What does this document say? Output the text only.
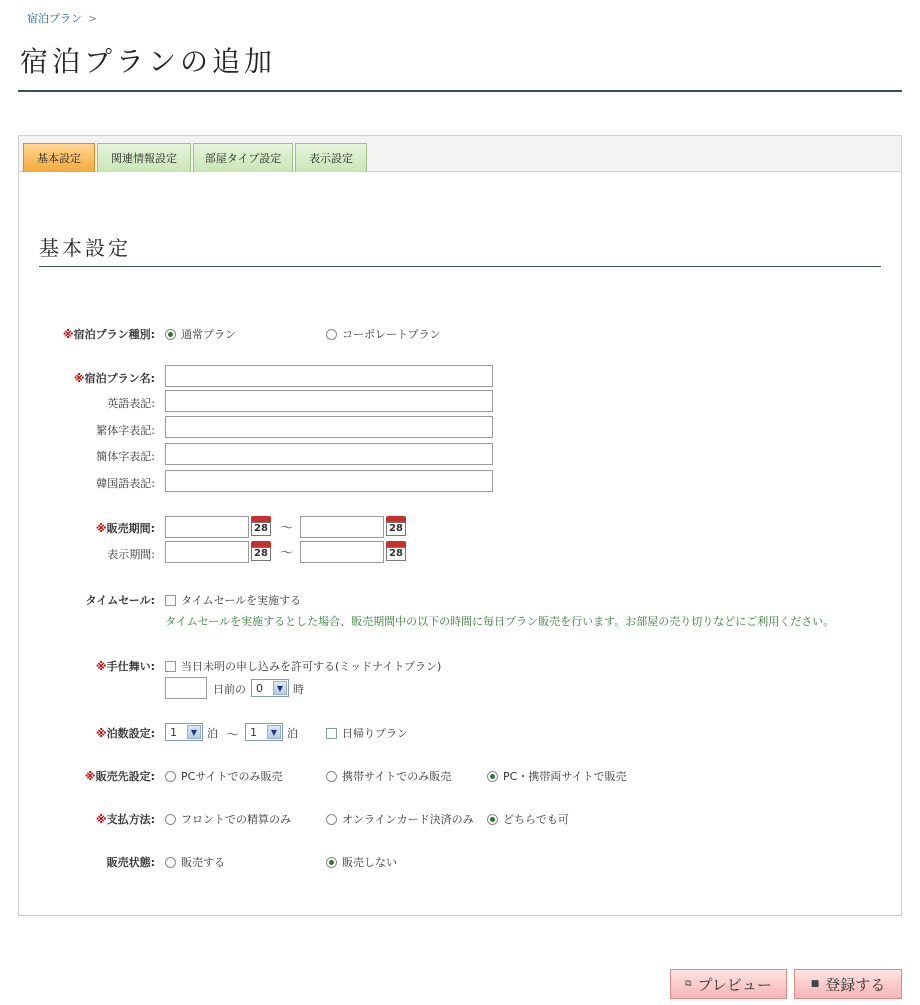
宿泊プラン >
宿泊プランの追加
基本設定	関連情報設定	部屋タイプ設定	表示設定
基本設定
※宿泊プラン種別: 通常プラン	コーポレートプラン
※宿泊プラン名:
英語表記:
繁体字表記:
簡体字表記:
韓国語表記:
※販売期間:	28 ～	28
表示期間:	28 ～	28
タイムセール: タイムセールを実施する
タイムセールを実施するとした場合、販売期間中の以下の時間に毎日プラン販売を行います。お部屋の売り切りなどにご利用ください。
※手仕舞い: 当日未明の申し込みを許可する(ミッドナイトプラン)
日前の 0	▼ 時
※泊数設定: 1	▼ 泊 ～ 1	▼ 泊	日帰りプラン
※販売先設定: PCサイトでのみ販売	携帯サイトでのみ販売	PC・携帯両サイトで販売
※支払方法: フロントでの精算のみ	オンラインカード決済のみ	どちらでも可
販売状態: 販売する	販売しない
⧉ プレビュー	■ 登録する
